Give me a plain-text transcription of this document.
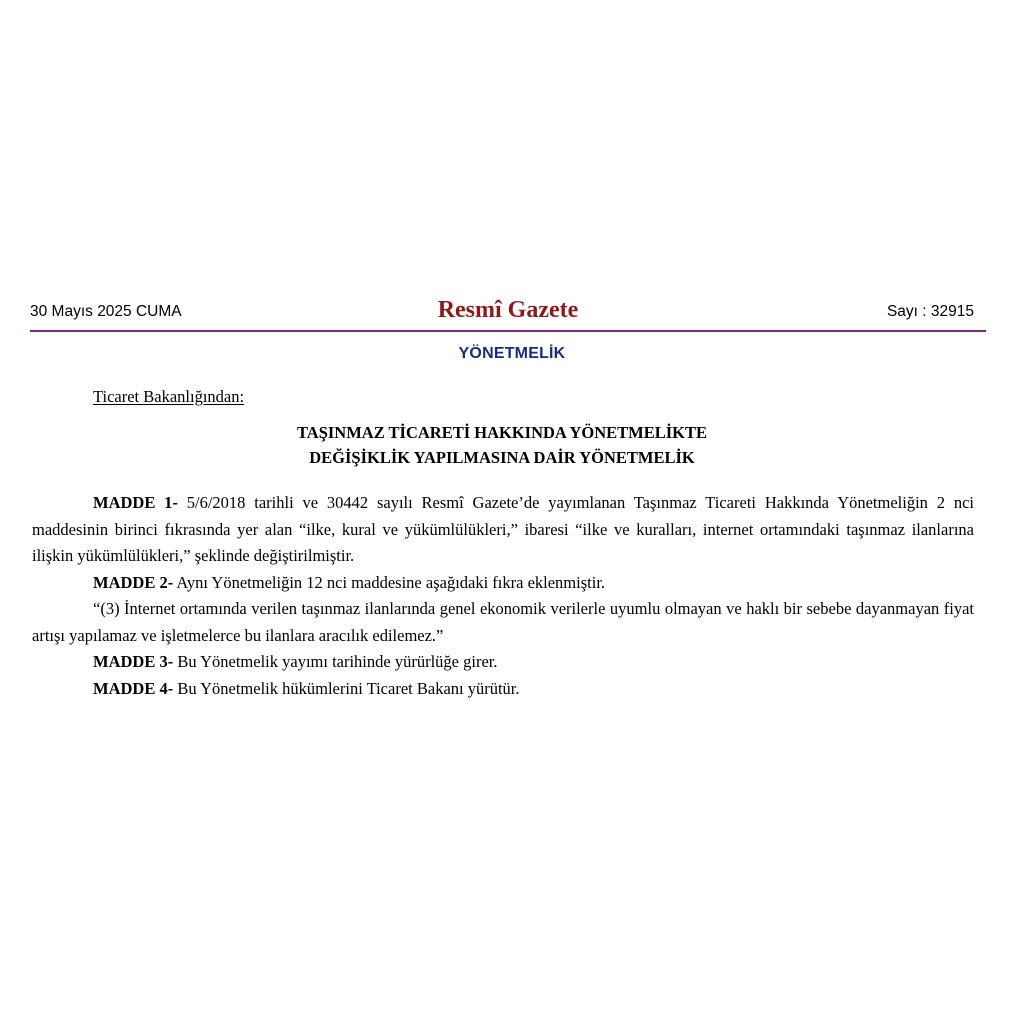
30 Mayıs 2025 CUMA	Resmî Gazete	Sayı : 32915
YÖNETMELİK
Ticaret Bakanlığından:
TAŞINMAZ TİCARETİ HAKKINDA YÖNETMELİKTE
DEĞİŞİKLİK YAPILMASINA DAİR YÖNETMELİK

MADDE 1- 5/6/2018 tarihli ve 30442 sayılı Resmî Gazete’de yayımlanan Taşınmaz Ticareti Hakkında Yönetmeliğin 2 nci maddesinin birinci fıkrasında yer alan “ilke, kural ve yükümlülükleri,” ibaresi “ilke ve kuralları, internet ortamındaki taşınmaz ilanlarına ilişkin yükümlülükleri,” şeklinde değiştirilmiştir.

MADDE 2- Aynı Yönetmeliğin 12 nci maddesine aşağıdaki fıkra eklenmiştir.

“(3) İnternet ortamında verilen taşınmaz ilanlarında genel ekonomik verilerle uyumlu olmayan ve haklı bir sebebe dayanmayan fiyat artışı yapılamaz ve işletmelerce bu ilanlara aracılık edilemez.”

MADDE 3- Bu Yönetmelik yayımı tarihinde yürürlüğe girer.

MADDE 4- Bu Yönetmelik hükümlerini Ticaret Bakanı yürütür.
